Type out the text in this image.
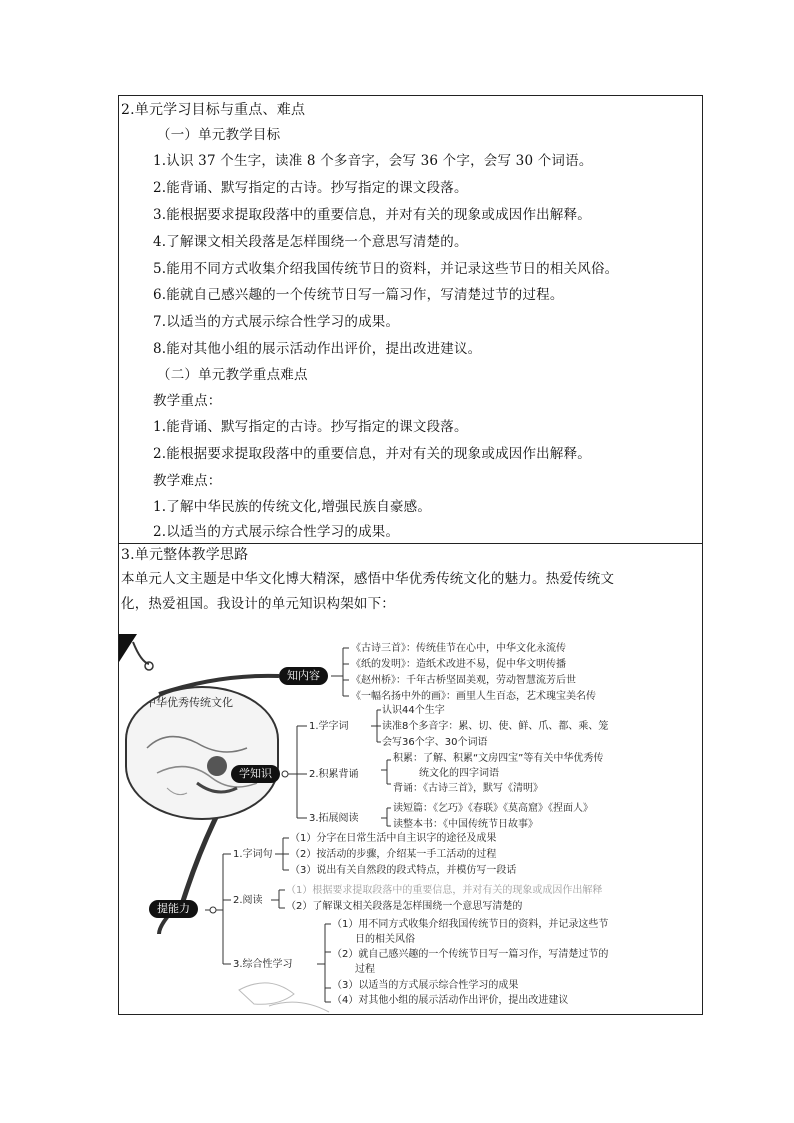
2.单元学习目标与重点、难点
（一）单元教学目标
1.认识 37 个生字，读准 8 个多音字，会写 36 个字，会写 30 个词语。
2.能背诵、默写指定的古诗。抄写指定的课文段落。
3.能根据要求提取段落中的重要信息，并对有关的现象或成因作出解释。
4.了解课文相关段落是怎样围绕一个意思写清楚的。
5.能用不同方式收集介绍我国传统节日的资料，并记录这些节日的相关风俗。
6.能就自己感兴趣的一个传统节日写一篇习作，写清楚过节的过程。
7.以适当的方式展示综合性学习的成果。
8.能对其他小组的展示活动作出评价，提出改进建议。
（二）单元教学重点难点
教学重点：
1.能背诵、默写指定的古诗。抄写指定的课文段落。
2.能根据要求提取段落中的重要信息，并对有关的现象或成因作出解释。
教学难点：
1.了解中华民族的传统文化,增强民族自豪感。
2.以适当的方式展示综合性学习的成果。
3.单元整体教学思路
本单元人文主题是中华文化博大精深，感悟中华优秀传统文化的魅力。热爱传统文
化，热爱祖国。我设计的单元知识构架如下：
中华优秀传统文化
知内容
《古诗三首》：传统佳节在心中，中华文化永流传
《纸的发明》：造纸术改进不易，促中华文明传播
《赵州桥》：千年古桥坚固美观，劳动智慧流芳后世
《一幅名扬中外的画》：画里人生百态，艺术瑰宝美名传
学知识
1.学字词
认识44个生字
读准8个多音字：累、切、使、鲜、爪、都、乘、笼
会写36个字、30个词语
2.积累背诵
积累：了解、积累“文房四宝”等有关中华优秀传
统文化的四字词语
背诵：《古诗三首》，默写《清明》
3.拓展阅读
读短篇：《乞巧》《春联》《莫高窟》《捏面人》
读整本书：《中国传统节日故事》
提能力
1.字词句
（1）分字在日常生活中自主识字的途径及成果
（2）按活动的步骤，介绍某一手工活动的过程
（3）说出有关自然段的段式特点，并模仿写一段话
2.阅读
（1）根据要求提取段落中的重要信息，并对有关的现象或成因作出解释
（2）了解课文相关段落是怎样围绕一个意思写清楚的
3.综合性学习
（1）用不同方式收集介绍我国传统节日的资料，并记录这些节
日的相关风俗
（2）就自己感兴趣的一个传统节日写一篇习作，写清楚过节的
过程
（3）以适当的方式展示综合性学习的成果
（4）对其他小组的展示活动作出评价，提出改进建议
